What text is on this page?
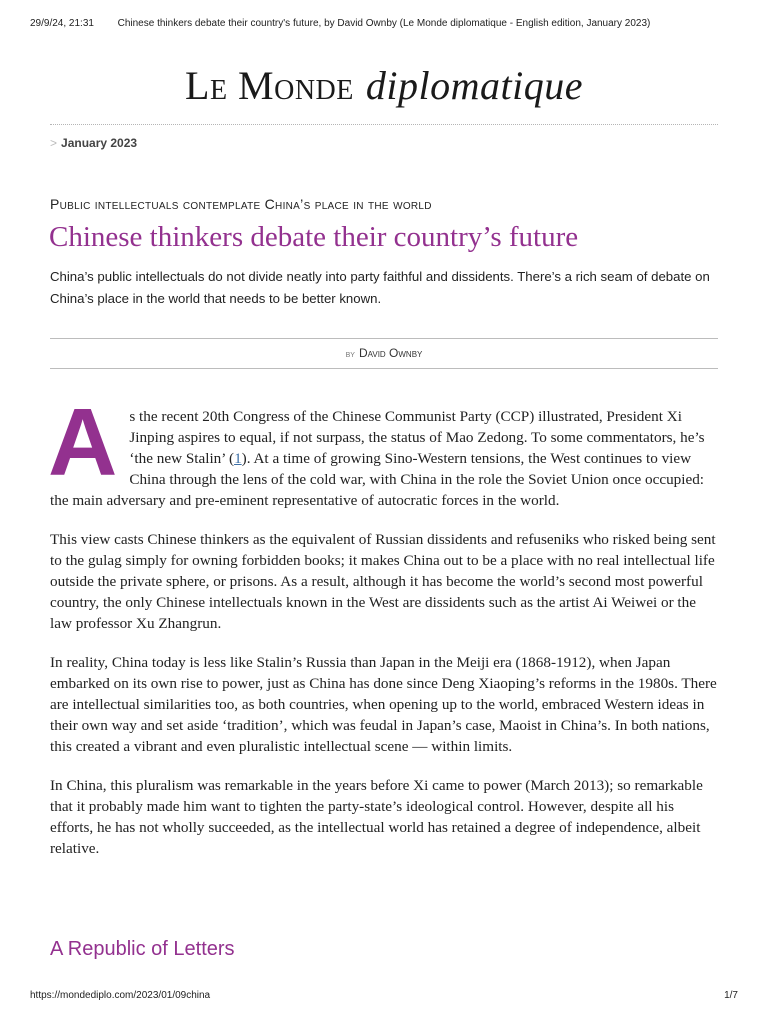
29/9/24, 21:31	Chinese thinkers debate their country's future, by David Ownby (Le Monde diplomatique - English edition, January 2023)
Le Monde diplomatique
> January 2023
Public intellectuals contemplate China’s place in the world
Chinese thinkers debate their country’s future

China’s public intellectuals do not divide neatly into party faithful and dissidents. There’s a rich seam of debate on China’s place in the world that needs to be better known.

by David Ownby

As the recent 20th Congress of the Chinese Communist Party (CCP) illustrated, President Xi Jinping aspires to equal, if not surpass, the status of Mao Zedong. To some commentators, he’s ‘the new Stalin’ (1). At a time of growing Sino-Western tensions, the West continues to view China through the lens of the cold war, with China in the role the Soviet Union once occupied: the main adversary and pre-eminent representative of autocratic forces in the world.

This view casts Chinese thinkers as the equivalent of Russian dissidents and refuseniks who risked being sent to the gulag simply for owning forbidden books; it makes China out to be a place with no real intellectual life outside the private sphere, or prisons. As a result, although it has become the world’s second most powerful country, the only Chinese intellectuals known in the West are dissidents such as the artist Ai Weiwei or the law professor Xu Zhangrun.

In reality, China today is less like Stalin’s Russia than Japan in the Meiji era (1868-1912), when Japan embarked on its own rise to power, just as China has done since Deng Xiaoping’s reforms in the 1980s. There are intellectual similarities too, as both countries, when opening up to the world, embraced Western ideas in their own way and set aside ‘tradition’, which was feudal in Japan’s case, Maoist in China’s. In both nations, this created a vibrant and even pluralistic intellectual scene — within limits.

In China, this pluralism was remarkable in the years before Xi came to power (March 2013); so remarkable that it probably made him want to tighten the party-state’s ideological control. However, despite all his efforts, he has not wholly succeeded, as the intellectual world has retained a degree of independence, albeit relative.

A Republic of Letters
https://mondediplo.com/2023/01/09china	1/7
